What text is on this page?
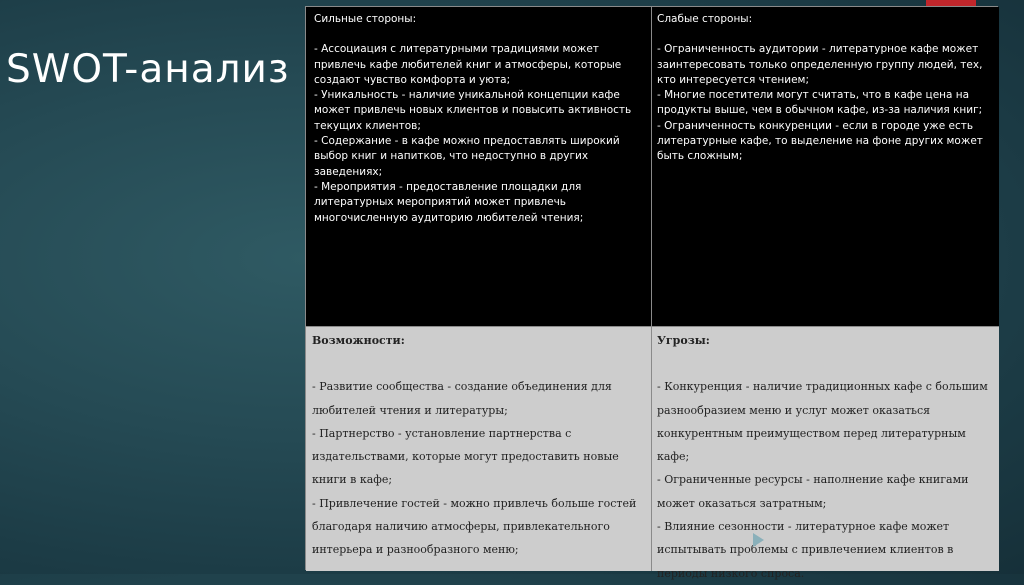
SWOT-анализ
Сильные стороны:
- Ассоциация с литературными традициями может привлечь кафе любителей книг и атмосферы, которые создают чувство комфорта и уюта;
- Уникальность - наличие уникальной концепции кафе может привлечь новых клиентов и повысить активность текущих клиентов;
- Содержание - в кафе можно предоставлять широкий выбор книг и напитков, что недоступно в других заведениях;
- Мероприятия - предоставление площадки для литературных мероприятий может привлечь многочисленную аудиторию любителей чтения;
Слабые стороны:
- Ограниченность аудитории - литературное кафе может заинтересовать только определенную группу людей, тех, кто интересуется чтением;
- Многие посетители могут считать, что в кафе цена на продукты выше, чем в обычном кафе, из-за наличия книг;
- Ограниченность конкуренции - если в городе уже есть литературные кафе, то выделение на фоне других может быть сложным;
Возможности:
- Развитие сообщества - создание объединения для любителей чтения и литературы;
- Партнерство - установление партнерства с издательствами, которые могут предоставить новые книги в кафе;
- Привлечение гостей - можно привлечь больше гостей благодаря наличию атмосферы, привлекательного интерьера и разнообразного меню;
Угрозы:
- Конкуренция - наличие традиционных кафе с большим разнообразием меню и услуг может оказаться конкурентным преимуществом перед литературным кафе;
- Ограниченные ресурсы - наполнение кафе книгами может оказаться затратным;
- Влияние сезонности - литературное кафе может испытывать проблемы с привлечением клиентов в периоды низкого спроса.
